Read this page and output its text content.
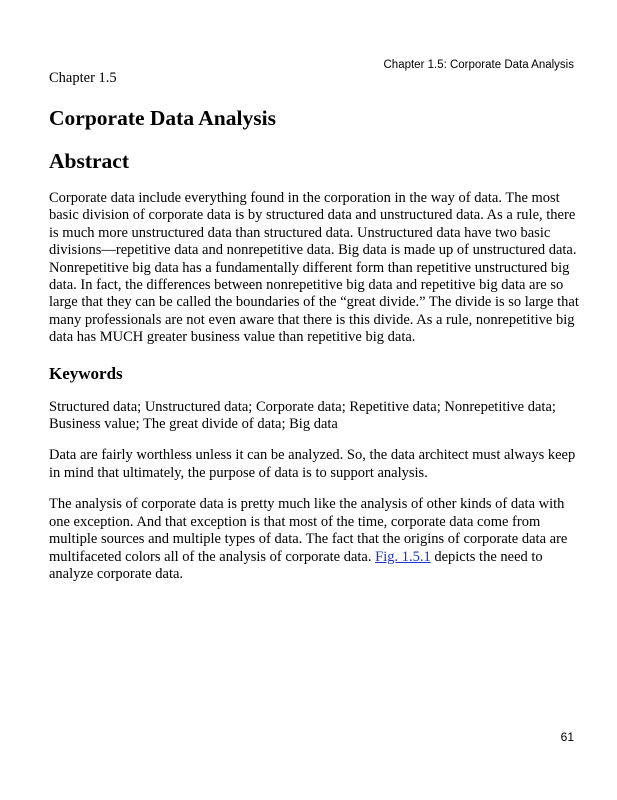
Chapter 1.5: Corporate Data Analysis

Chapter 1.5

Corporate Data Analysis
Abstract

Corporate data include everything found in the corporation in the way of data. The most basic division of corporate data is by structured data and unstructured data. As a rule, there is much more unstructured data than structured data. Unstructured data have two basic divisions—repetitive data and nonrepetitive data. Big data is made up of unstructured data. Nonrepetitive big data has a fundamentally different form than repetitive unstructured big data. In fact, the differences between nonrepetitive big data and repetitive big data are so large that they can be called the boundaries of the “great divide.” The divide is so large that many professionals are not even aware that there is this divide. As a rule, nonrepetitive big data has MUCH greater business value than repetitive big data.

Keywords

Structured data; Unstructured data; Corporate data; Repetitive data; Nonrepetitive data; Business value; The great divide of data; Big data

Data are fairly worthless unless it can be analyzed. So, the data architect must always keep in mind that ultimately, the purpose of data is to support analysis.

The analysis of corporate data is pretty much like the analysis of other kinds of data with one exception. And that exception is that most of the time, corporate data come from multiple sources and multiple types of data. The fact that the origins of corporate data are multifaceted colors all of the analysis of corporate data. Fig. 1.5.1 depicts the need to analyze corporate data.

61
